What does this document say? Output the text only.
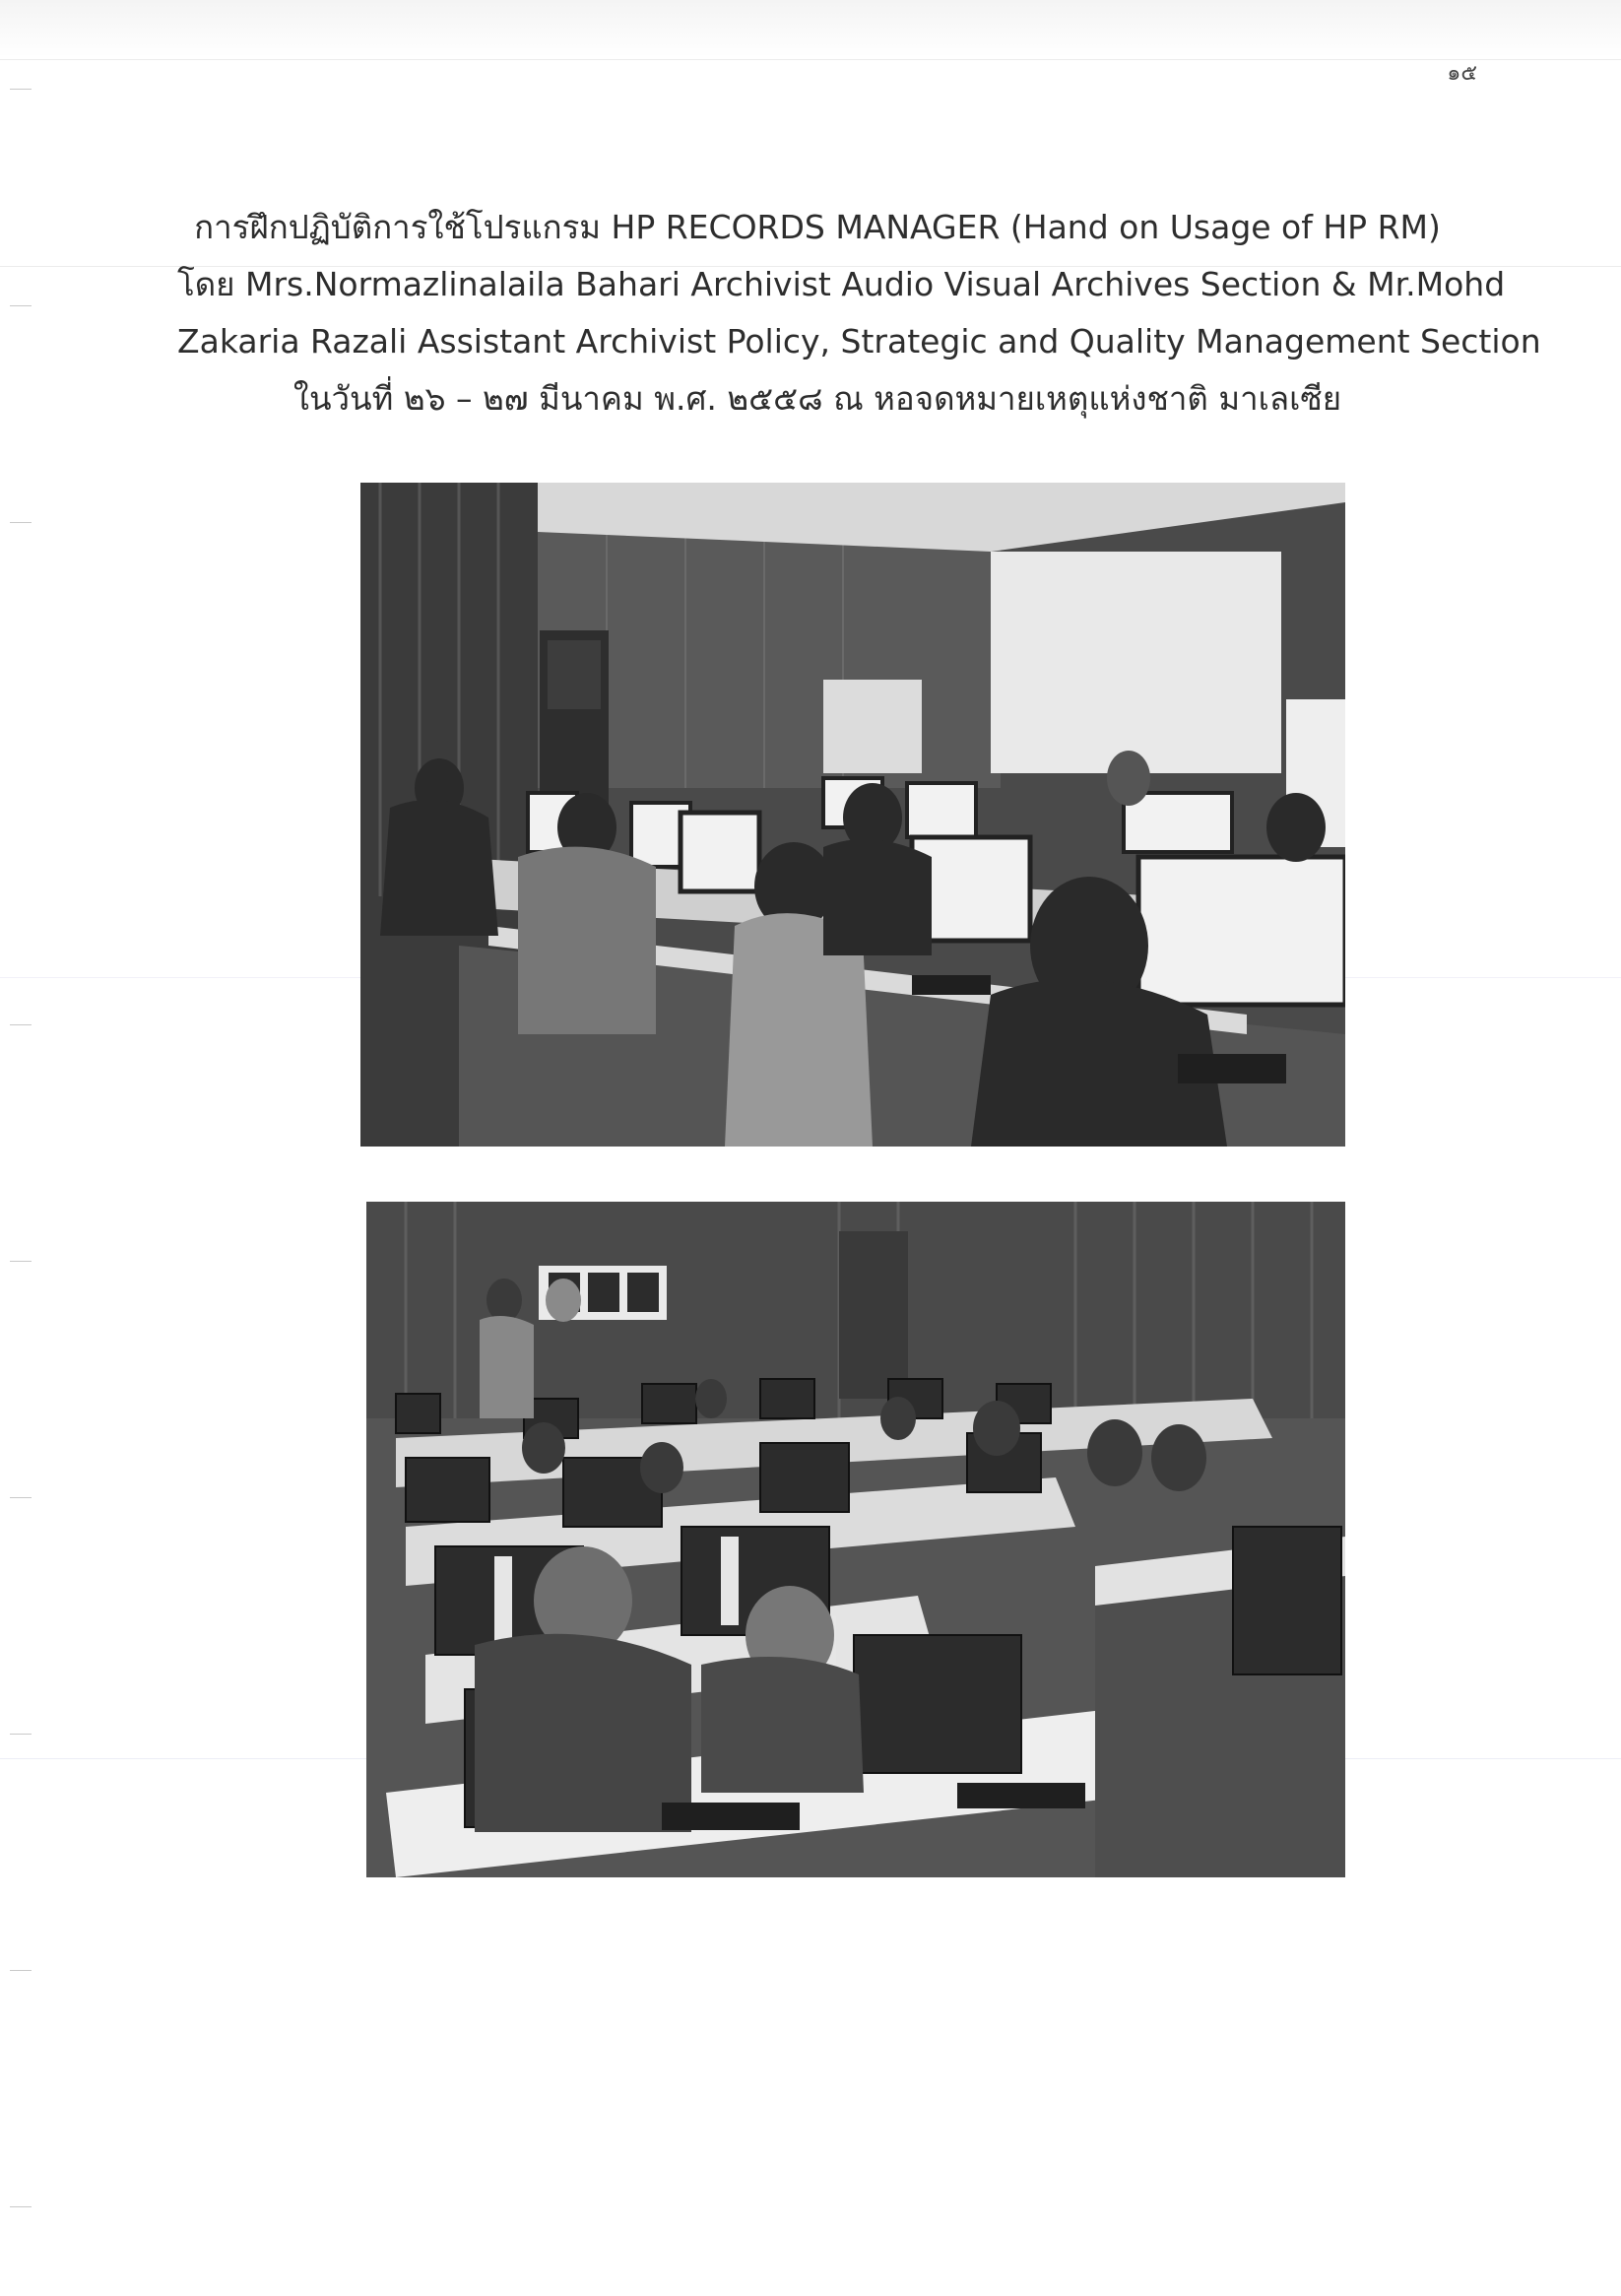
๑๕
การฝึกปฏิบัติการใช้โปรแกรม HP RECORDS MANAGER (Hand on Usage of HP RM)
โดย Mrs.Normazlinalaila Bahari Archivist Audio Visual Archives Section & Mr.Mohd
Zakaria Razali Assistant Archivist Policy, Strategic and Quality Management Section
ในวันที่ ๒๖ – ๒๗ มีนาคม พ.ศ. ๒๕๕๘ ณ หอจดหมายเหตุแห่งชาติ มาเลเซีย
